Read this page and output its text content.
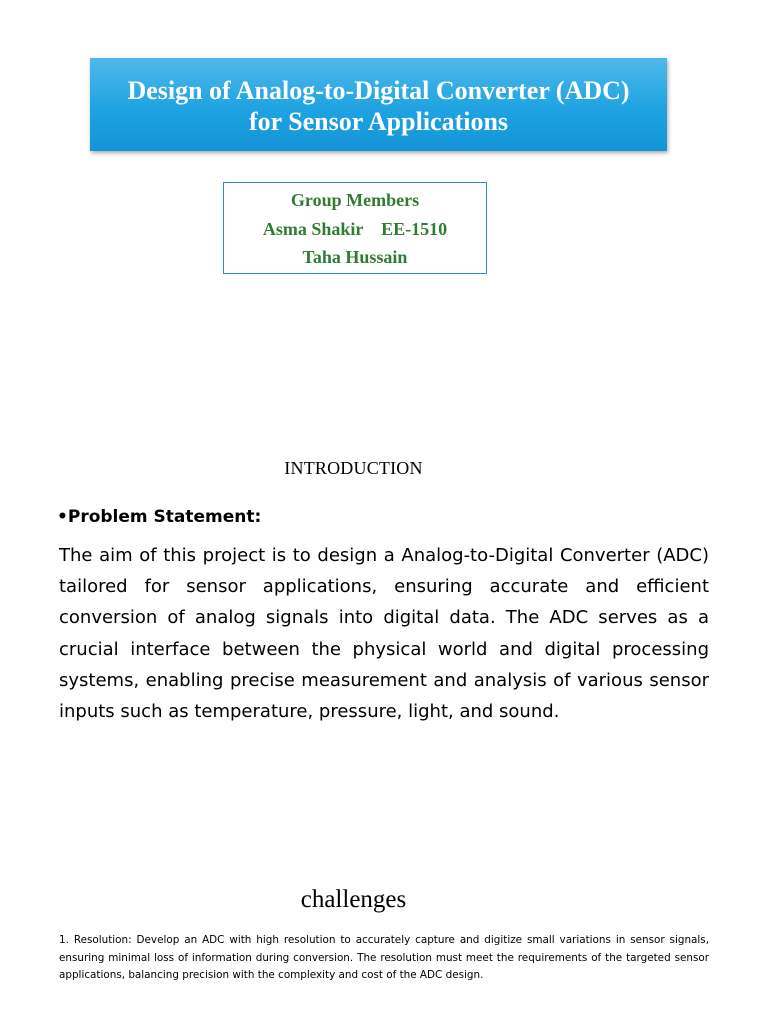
Design of Analog-to-Digital Converter (ADC)
for Sensor Applications
Group Members
Asma Shakir    EE-1510
Taha Hussain
INTRODUCTION
•Problem Statement:

The aim of this project is to design a Analog-to-Digital Converter (ADC) tailored for sensor applications, ensuring accurate and efficient conversion of analog signals into digital data. The ADC serves as a crucial interface between the physical world and digital processing systems, enabling precise measurement and analysis of various sensor inputs such as temperature, pressure, light, and sound.

challenges

1. Resolution: Develop an ADC with high resolution to accurately capture and digitize small variations in sensor signals, ensuring minimal loss of information during conversion. The resolution must meet the requirements of the targeted sensor applications, balancing precision with the complexity and cost of the ADC design.
